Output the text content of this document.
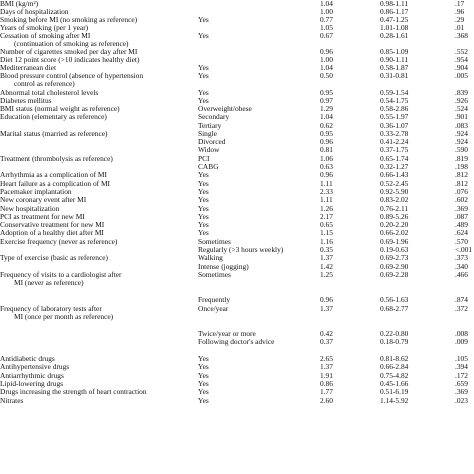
BMI (kg/m²)	1.04	0.98-1.11	.17
Days of hospitalization	1.00	0.86-1.17	.96
Smoking before MI (no smoking as reference)	Yes	0.77	0.47-1.25	.29
Years of smoking (per 1 year)	1.05	1.01-1.08	.01
Cessation of smoking after MI	Yes	0.67	0.28-1.61	.368
(continuation of smoking as reference)
Number of cigarettes smoked per day after MI	0.96	0.85-1.09	.552
Diet 12 point score (>10 indicates healthy diet)	1.00	0.90-1.11	.954
Mediterranean diet	Yes	1.04	0.58-1.87	.904
Blood pressure control (absence of hypertension	Yes	0.50	0.31-0.81	.005
control as reference)
Abnormal total cholesterol levels	Yes	0.95	0.59-1.54	.839
Diabetes mellitus	Yes	0.97	0.54-1.75	.926
BMI status (normal weight as reference)	Overweight/obese	1.29	0.58-2.86	.524
Education (elementary as reference)	Secondary	1.04	0.55-1.97	.901
Tertiary	0.62	0.36-1.07	.083
Marital status (married as reference)	Single	0.95	0.33-2.78	.924
Divorced	0.96	0.41-2.24	.924
Widow	0.81	0.37-1.75	.590
Treatment (thrombolysis as reference)	PCI	1.06	0.65-1.74	.819
CABG	0.63	0.32-1.27	.198
Arrhythmia as a complication of MI	Yes	0.96	0.66-1.43	.812
Heart failure as a complication of MI	Yes	1.11	0.52-2.45	.812
Pacemaker implantation	Yes	2.33	0.92-5.90	.076
New coronary event after MI	Yes	1.11	0.83-2.02	.602
New hospitalization	Yes	1.26	0.76-2.11	.369
PCI as treatment for new MI	Yes	2.17	0.89-5.26	.087
Conservative treatment for new MI	Yes	0.65	0.20-2.20	.489
Adoption of a healthy diet after MI	Yes	1.15	0.66-2.02	.624
Exercise frequency (never as reference)	Sometimes	1.16	0.69-1.96	.570
Regularly (>3 hours weekly)	0.35	0.19-0.63	<.001
Type of exercise (basic as reference)	Walking	1.37	0.69-2.73	.373
Intense (jogging)	1.42	0.69-2.90	.340
Frequency of visits to a cardiologist after	Sometimes	1.25	0.69-2.28	.466
MI (never as reference)
Frequently	0.96	0.56-1.63	.874
Frequency of laboratory tests after	Once/year	1.37	0.68-2.77	.372
MI (once per month as reference)
Twice/year or more	0.42	0.22-0.80	.008
Following doctor's advice	0.37	0.18-0.79	.009
Antidiabetic drugs	Yes	2.65	0.81-8.62	.105
Antihypertensive drugs	Yes	1.37	0.66-2.84	.394
Antiarrhythmic drugs	Yes	1.91	0.75-4.82	.172
Lipid-lowering drugs	Yes	0.86	0.45-1.66	.659
Drugs increasing the strength of heart contraction	Yes	1.77	0.51-6.19	.369
Nitrates	Yes	2.60	1.14-5.92	.023
